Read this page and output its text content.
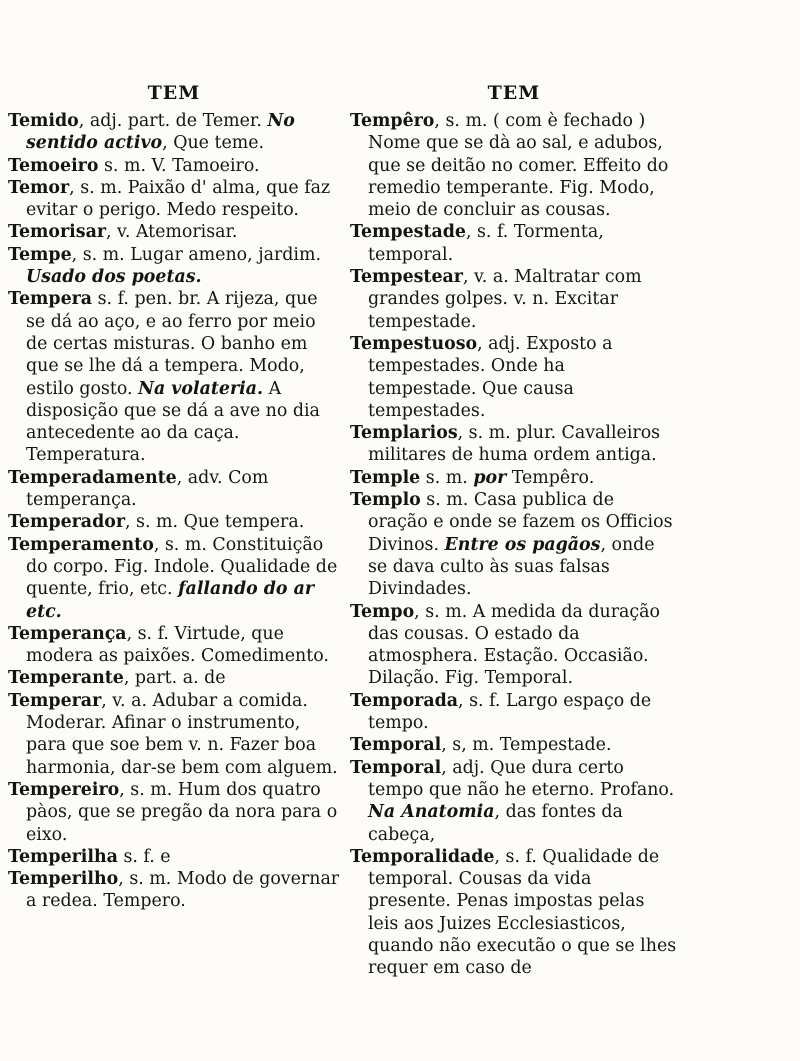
TEM

Temido, adj. part. de Temer. No sentido activo, Que teme.

Temoeiro s. m. V. Tamoeiro.

Temor, s. m. Paixão d' alma, que faz evitar o perigo. Medo respeito.

Temorisar, v. Atemorisar.

Tempe, s. m. Lugar ameno, jardim. Usado dos poetas.

Tempera s. f. pen. br. A rijeza, que se dá ao aço, e ao ferro por meio de certas misturas. O banho em que se lhe dá a tempera. Modo, estilo gosto. Na volateria. A disposição que se dá a ave no dia antecedente ao da caça. Temperatura.

Temperadamente, adv. Com temperança.

Temperador, s. m. Que tempera.

Temperamento, s. m. Constituição do corpo. Fig. Indole. Qualidade de quente, frio, etc. fallando do ar etc.

Temperança, s. f. Virtude, que modera as paixões. Comedimento.

Temperante, part. a. de

Temperar, v. a. Adubar a comida. Moderar. Afinar o instrumento, para que soe bem v. n. Fazer boa harmonia, dar-se bem com alguem.

Tempereiro, s. m. Hum dos quatro pàos, que se pregão da nora para o eixo.

Temperilha s. f. e

Temperilho, s. m. Modo de governar a redea. Tempero.

TEM

Tempêro, s. m. ( com è fechado ) Nome que se dà ao sal, e adubos, que se deitão no comer. Effeito do remedio temperante. Fig. Modo, meio de concluir as cousas.

Tempestade, s. f. Tormenta, temporal.

Tempestear, v. a. Maltratar com grandes golpes. v. n. Excitar tempestade.

Tempestuoso, adj. Exposto a tempestades. Onde ha tempestade. Que causa tempestades.

Templarios, s. m. plur. Cavalleiros militares de huma ordem antiga.

Temple s. m. por Tempêro.

Templo s. m. Casa publica de oração e onde se fazem os Officios Divinos. Entre os pagãos, onde se dava culto às suas falsas Divindades.

Tempo, s. m. A medida da duração das cousas. O estado da atmosphera. Estação. Occasião. Dilação. Fig. Temporal.

Temporada, s. f. Largo espaço de tempo.

Temporal, s, m. Tempestade.

Temporal, adj. Que dura certo tempo que não he eterno. Profano. Na Anatomia, das fontes da cabeça,

Temporalidade, s. f. Qualidade de temporal. Cousas da vida presente. Penas impostas pelas leis aos Juizes Ecclesiasticos, quando não executão o que se lhes requer em caso de
